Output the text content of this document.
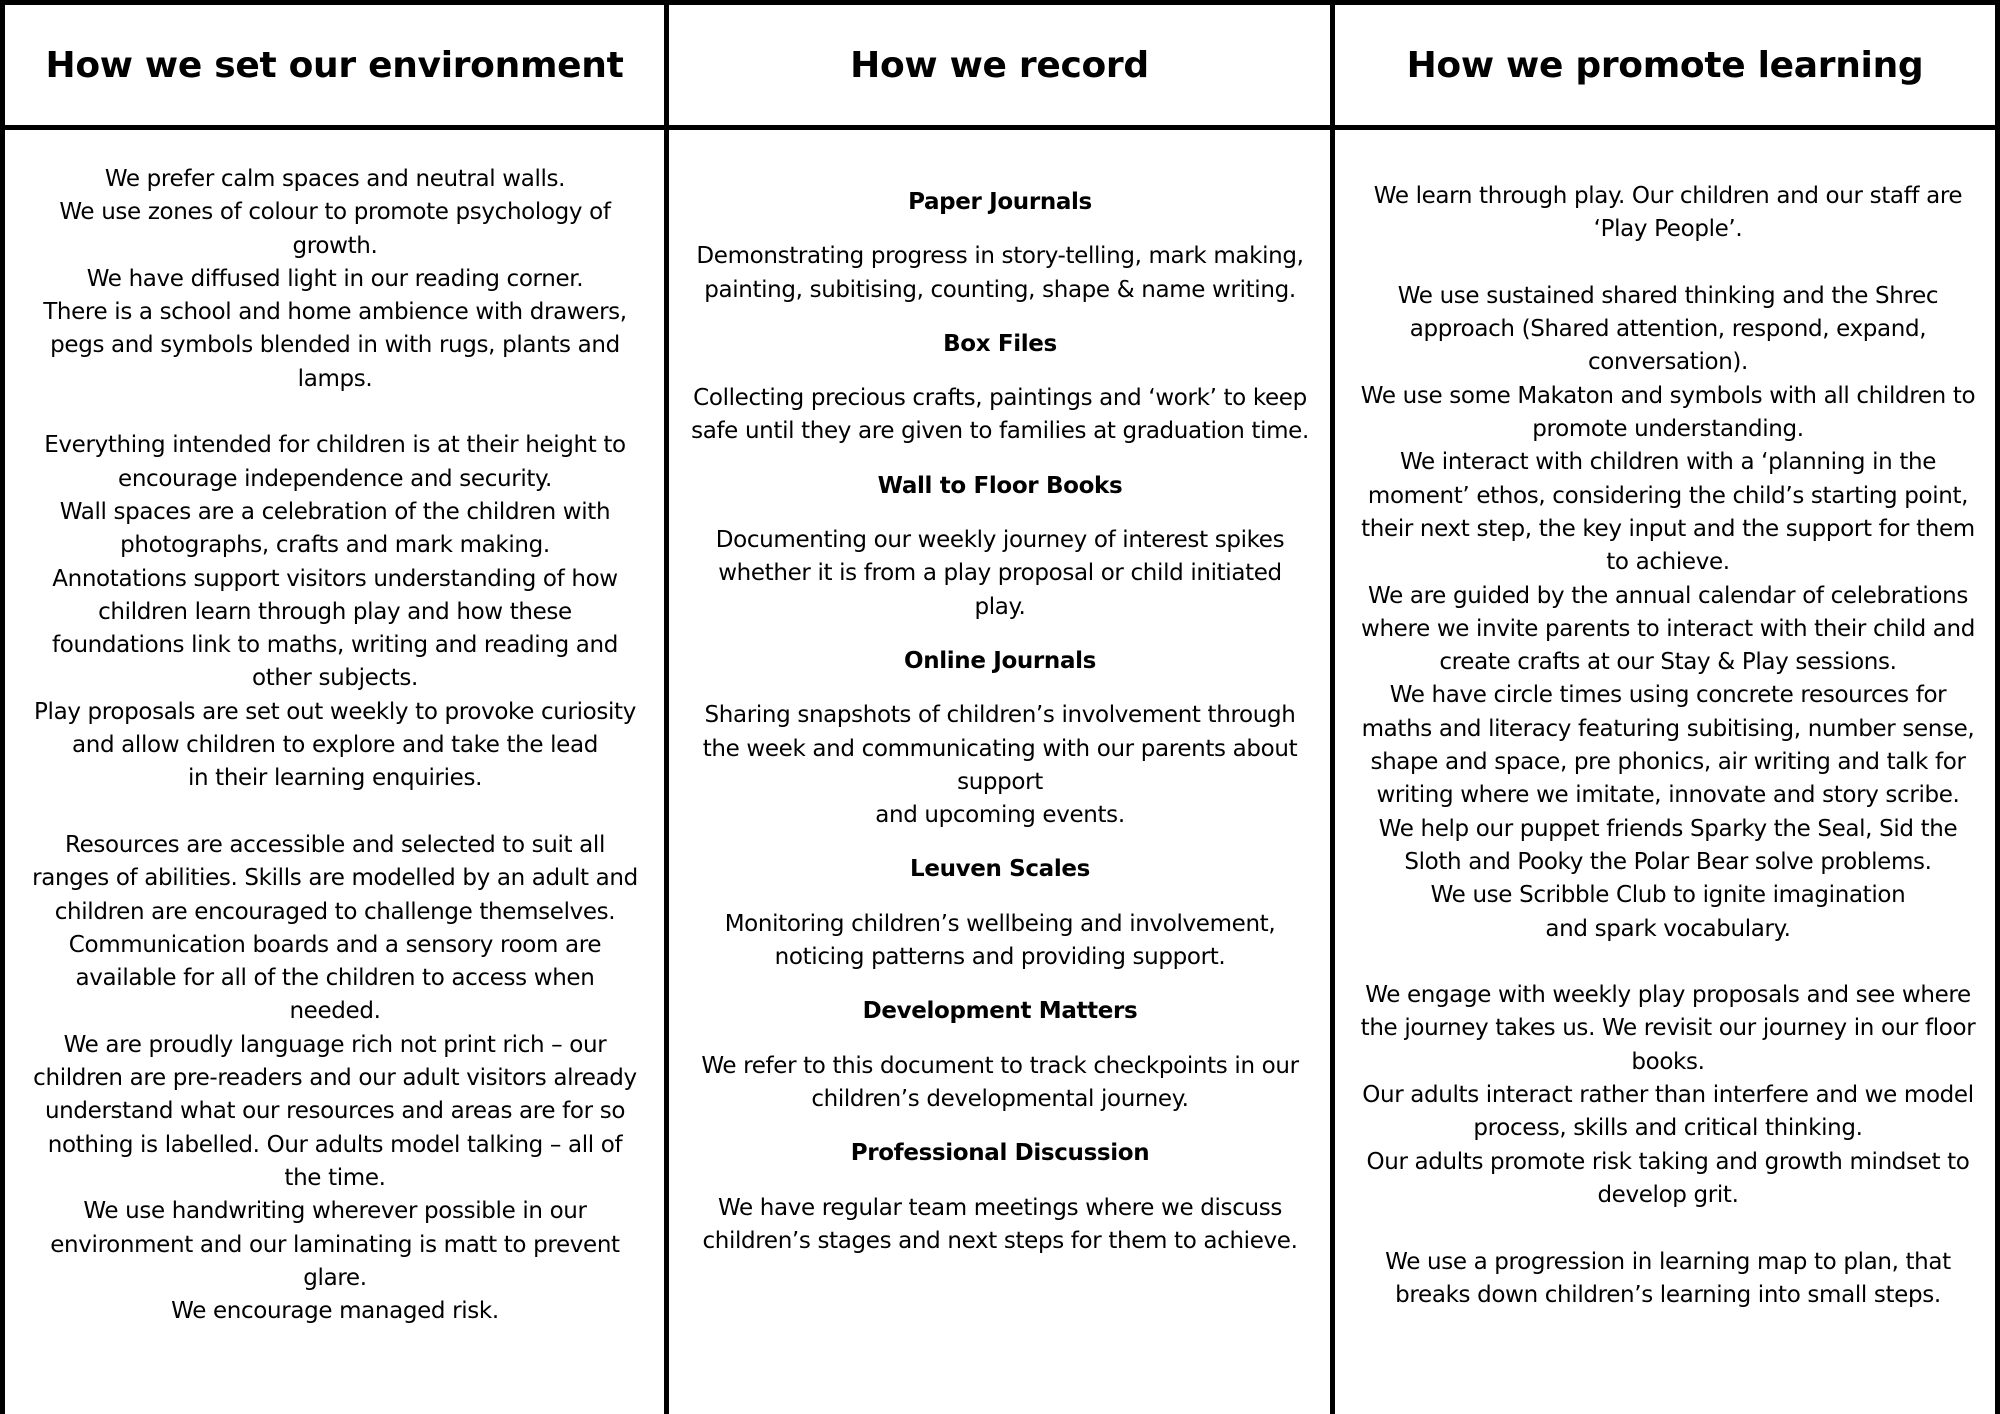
How we set our environment	How we record	How we promote learning

We prefer calm spaces and neutral walls.

We use zones of colour to promote psychology of growth.

We have diffused light in our reading corner.

There is a school and home ambience with drawers, pegs and symbols blended in with rugs, plants and lamps.

Everything intended for children is at their height to encourage independence and security.

Wall spaces are a celebration of the children with photographs, crafts and mark making.

Annotations support visitors understanding of how children learn through play and how these foundations link to maths, writing and reading and other subjects.

Play proposals are set out weekly to provoke curiosity and allow children to explore and take the lead

in their learning enquiries.

Resources are accessible and selected to suit all ranges of abilities. Skills are modelled by an adult and children are encouraged to challenge themselves.

Communication boards and a sensory room are available for all of the children to access when needed.

We are proudly language rich not print rich – our children are pre-readers and our adult visitors already understand what our resources and areas are for so nothing is labelled. Our adults model talking – all of the time.

We use handwriting wherever possible in our environment and our laminating is matt to prevent glare.

We encourage managed risk.

Paper Journals

Demonstrating progress in story-telling, mark making, painting, subitising, counting, shape & name writing.

Box Files

Collecting precious crafts, paintings and ‘work’ to keep safe until they are given to families at graduation time.

Wall to Floor Books

Documenting our weekly journey of interest spikes whether it is from a play proposal or child initiated play.

Online Journals

Sharing snapshots of children’s involvement through the week and communicating with our parents about support

and upcoming events.

Leuven Scales

Monitoring children’s wellbeing and involvement, noticing patterns and providing support.

Development Matters

We refer to this document to track checkpoints in our children’s developmental journey.

Professional Discussion

We have regular team meetings where we discuss children’s stages and next steps for them to achieve.

We learn through play. Our children and our staff are ‘Play People’.

We use sustained shared thinking and the Shrec approach (Shared attention, respond, expand, conversation).

We use some Makaton and symbols with all children to promote understanding.

We interact with children with a ‘planning in the moment’ ethos, considering the child’s starting point, their next step, the key input and the support for them to achieve.

We are guided by the annual calendar of celebrations where we invite parents to interact with their child and create crafts at our Stay & Play sessions.

We have circle times using concrete resources for maths and literacy featuring subitising, number sense, shape and space, pre phonics, air writing and talk for writing where we imitate, innovate and story scribe.

We help our puppet friends Sparky the Seal, Sid the Sloth and Pooky the Polar Bear solve problems.

We use Scribble Club to ignite imagination

and spark vocabulary.

We engage with weekly play proposals and see where the journey takes us. We revisit our journey in our floor books.

Our adults interact rather than interfere and we model process, skills and critical thinking.

Our adults promote risk taking and growth mindset to develop grit.

We use a progression in learning map to plan, that breaks down children’s learning into small steps.
